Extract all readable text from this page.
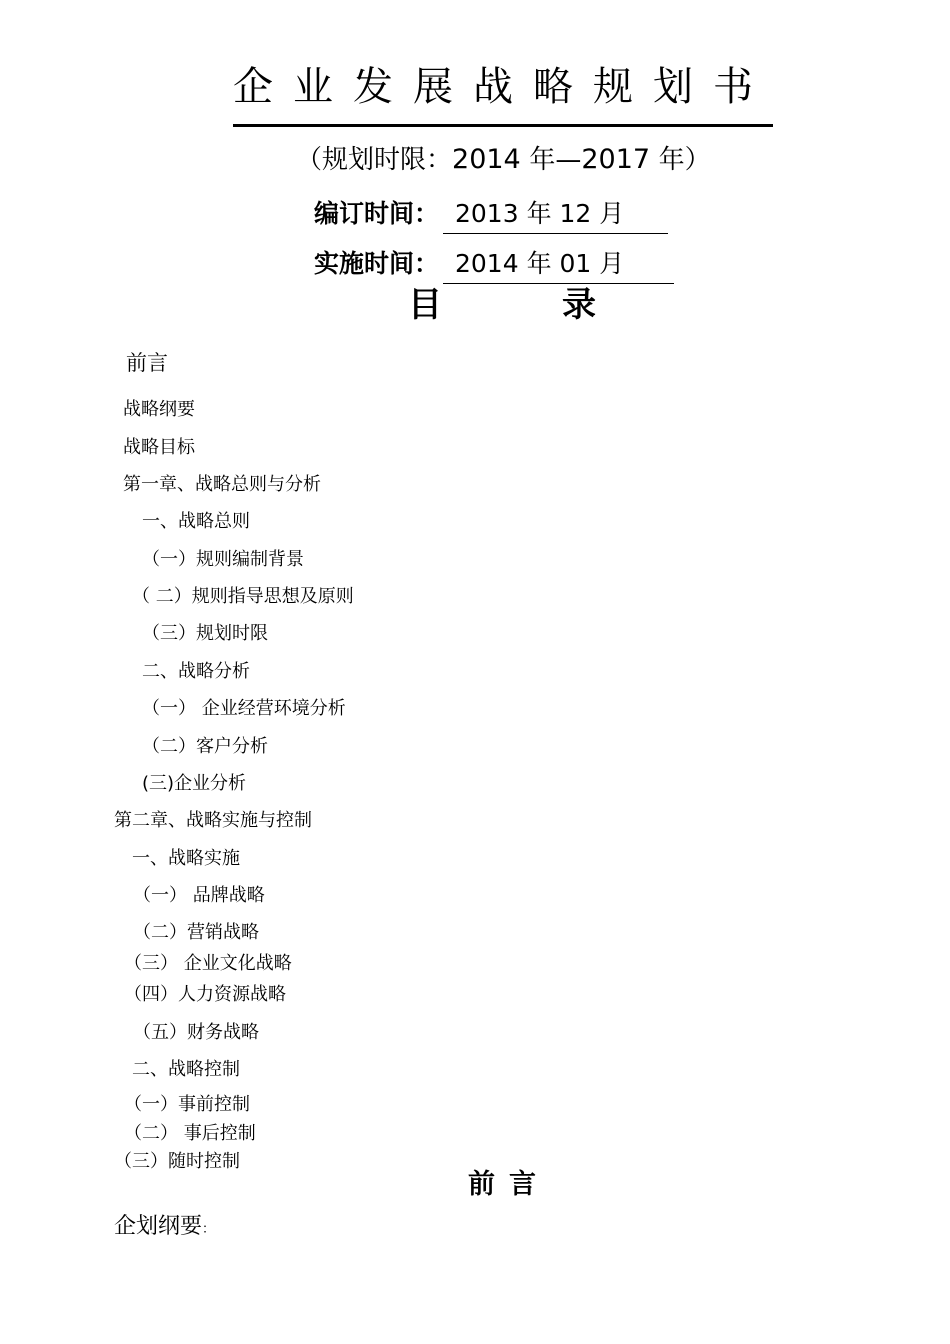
企业发展战略规划书
（规划时限：2014 年—2017 年）
编订时间： 2013 年 12 月
实施时间： 2014 年 01 月
目	录
前言
战略纲要
战略目标
第一章、战略总则与分析
一、战略总则
（一）规则编制背景
（ 二）规则指导思想及原则
（三）规划时限
二、战略分析
（一） 企业经营环境分析
（二）客户分析
(三)企业分析
第二章、战略实施与控制
一、战略实施
（一） 品牌战略
（二）营销战略
（三） 企业文化战略
（四）人力资源战略
（五）财务战略
二、战略控制
（一）事前控制
（二） 事后控制
（三）随时控制
前言
企划纲要：
